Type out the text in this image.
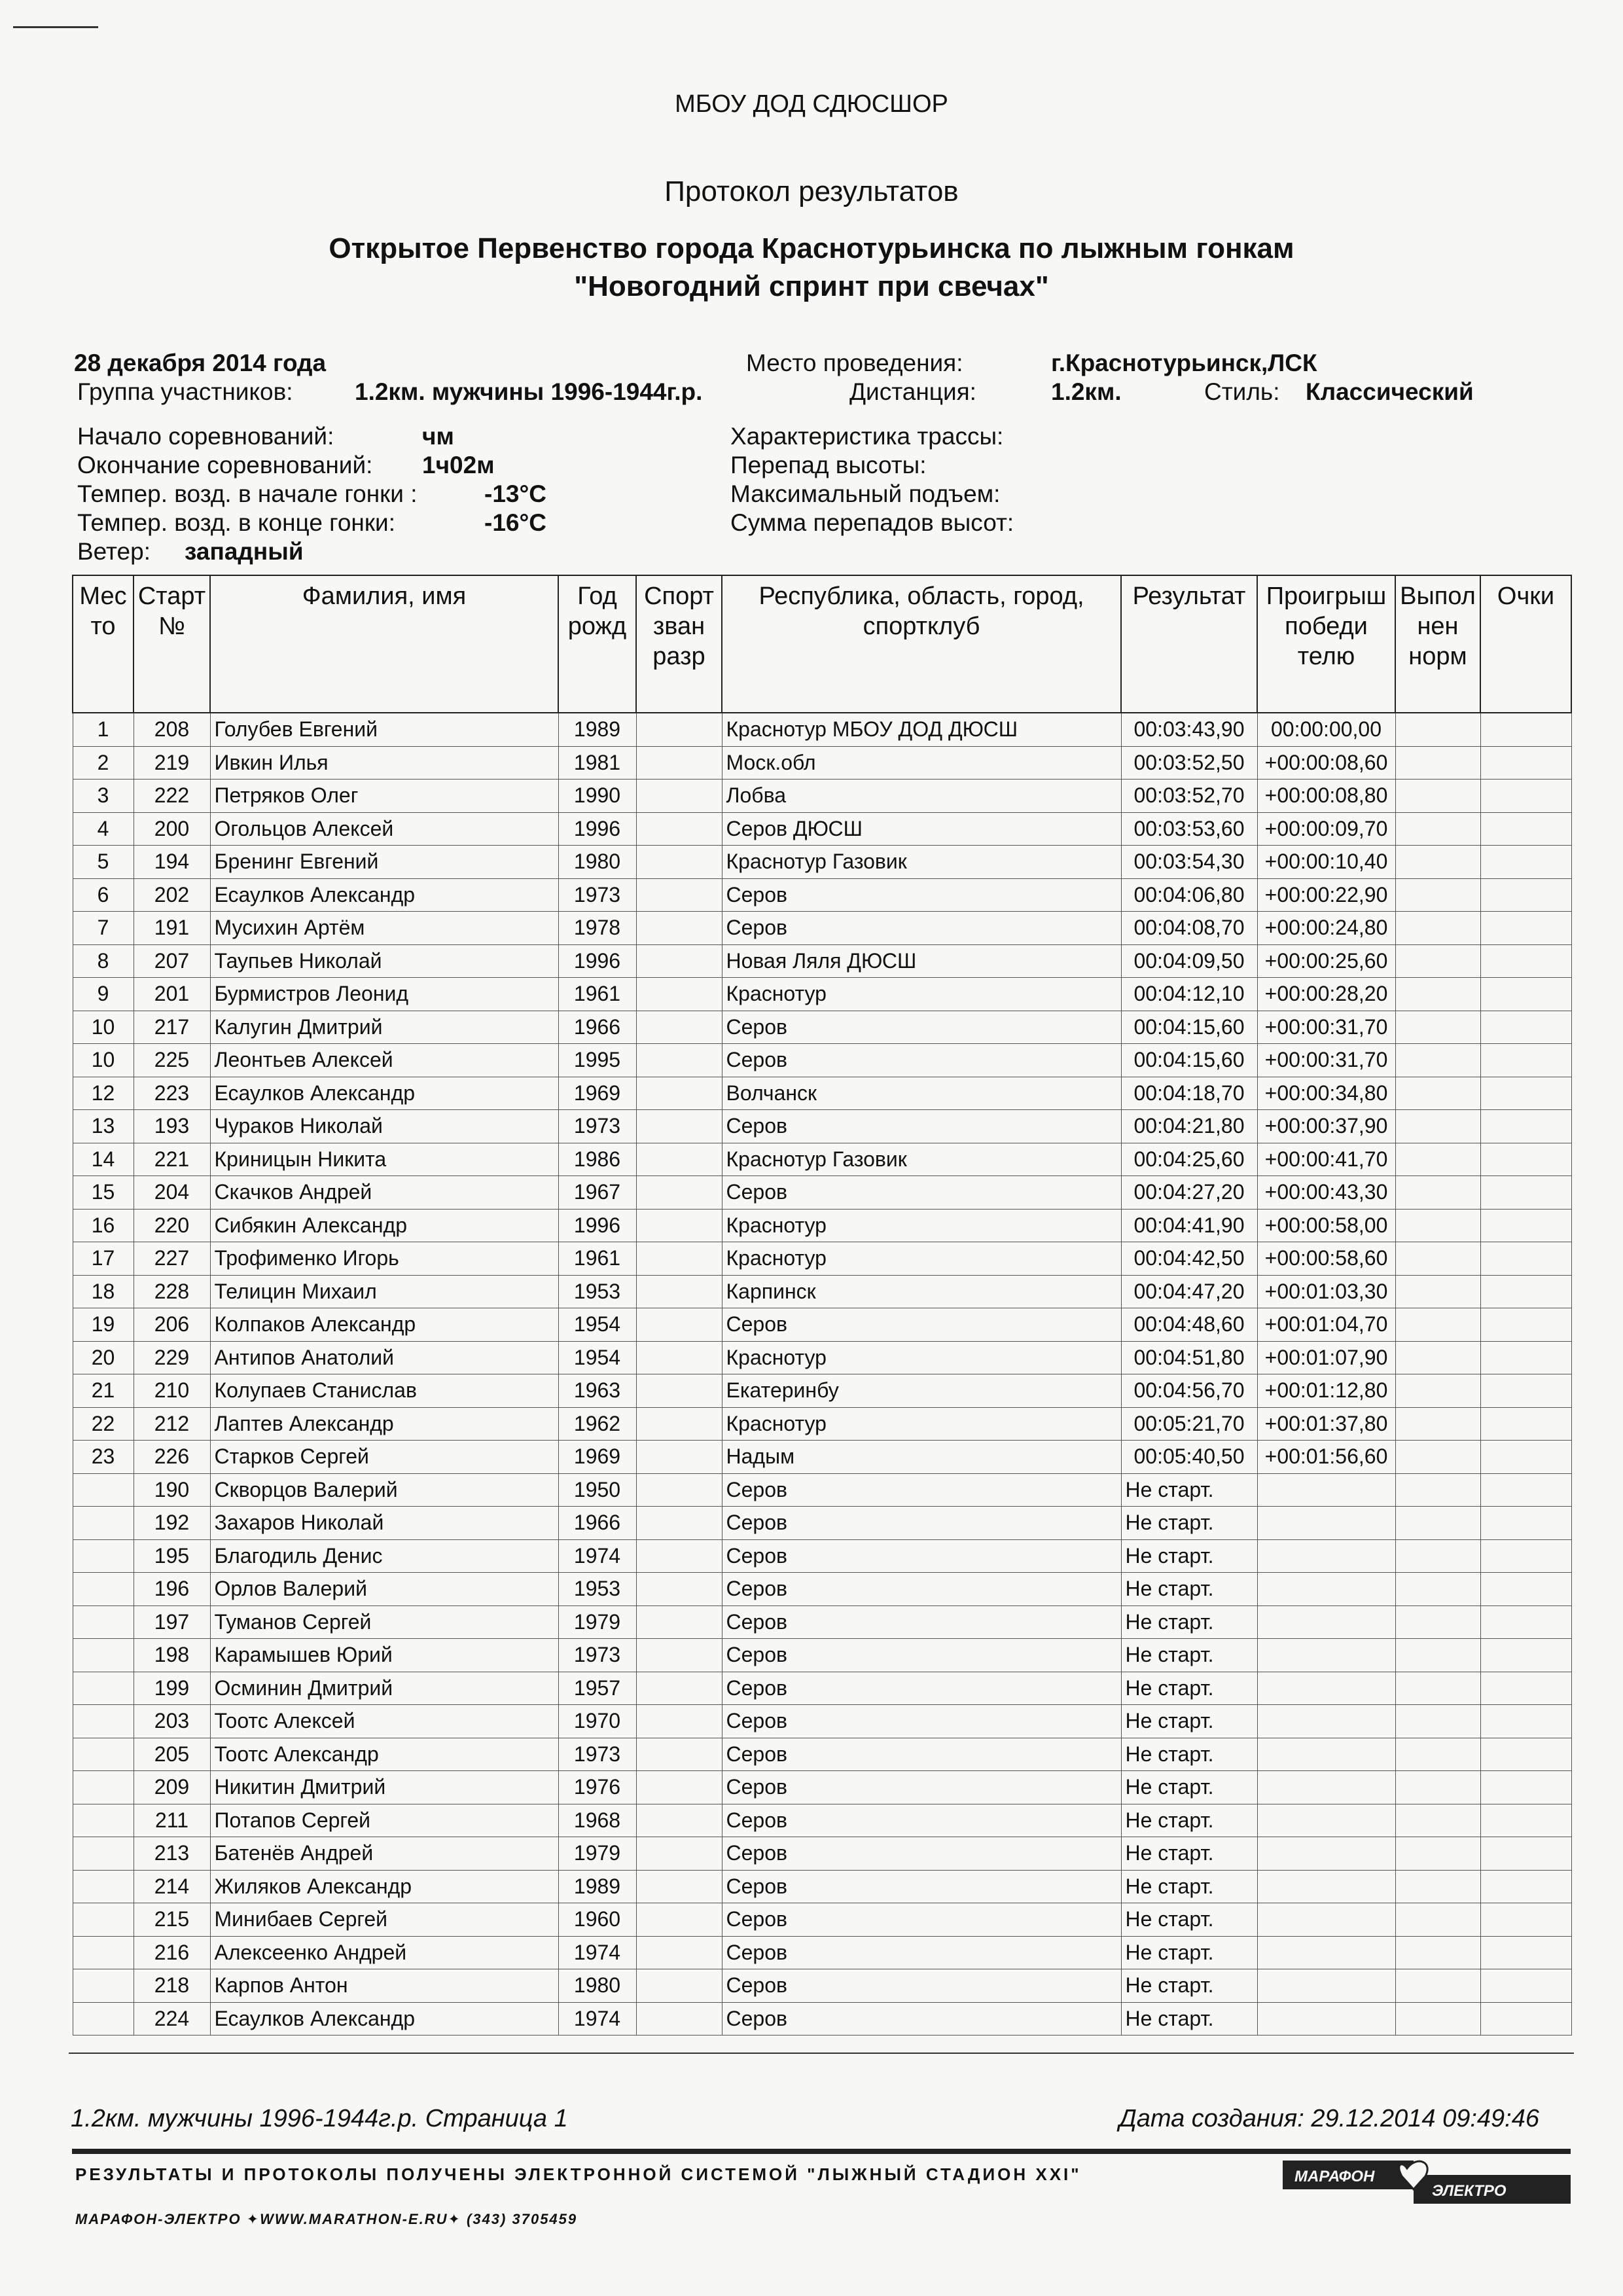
МБОУ ДОД СДЮСШОР
Протокол результатов
Открытое Первенство города Краснотурьинска по лыжным гонкам
"Новогодний спринт при свечах"
28 декабря 2014 года	Место проведения:	г.Краснотурьинск,ЛСК
Группа участников:	1.2км. мужчины 1996-1944г.р.	Дистанция:	1.2км.	Стиль: Классический
Начало соревнований:	чм
Окончание соревнований: 1ч02м
Темпер. возд. в начале гонки :	-13°C
Темпер. возд. в конце гонки:	-16°C
Ветер: западный
Характеристика трассы:
Перепад высоты:
Максимальный подъем:
Сумма перепадов высот:
Мес то	Старт №	Фамилия, имя	Год рожд	Спорт зван разр	Республика, область, город, спортклуб	Результат	Проигрыш победи телю	Выпол нен норм	Очки
1	208	Голубев Евгений	1989		Краснотур МБОУ ДОД ДЮСШ	00:03:43,90	00:00:00,00		
2	219	Ивкин Илья	1981		Моск.обл	00:03:52,50	+00:00:08,60		
3	222	Петряков Олег	1990		Лобва	00:03:52,70	+00:00:08,80		
4	200	Огольцов Алексей	1996		Серов ДЮСШ	00:03:53,60	+00:00:09,70		
5	194	Бренинг Евгений	1980		Краснотур Газовик	00:03:54,30	+00:00:10,40		
6	202	Есаулков Александр	1973		Серов	00:04:06,80	+00:00:22,90		
7	191	Мусихин Артём	1978		Серов	00:04:08,70	+00:00:24,80		
8	207	Таупьев Николай	1996		Новая Ляля ДЮСШ	00:04:09,50	+00:00:25,60		
9	201	Бурмистров Леонид	1961		Краснотур	00:04:12,10	+00:00:28,20		
10	217	Калугин Дмитрий	1966		Серов	00:04:15,60	+00:00:31,70		
10	225	Леонтьев Алексей	1995		Серов	00:04:15,60	+00:00:31,70		
12	223	Есаулков Александр	1969		Волчанск	00:04:18,70	+00:00:34,80		
13	193	Чураков Николай	1973		Серов	00:04:21,80	+00:00:37,90		
14	221	Криницын Никита	1986		Краснотур Газовик	00:04:25,60	+00:00:41,70		
15	204	Скачков Андрей	1967		Серов	00:04:27,20	+00:00:43,30		
16	220	Сибякин Александр	1996		Краснотур	00:04:41,90	+00:00:58,00		
17	227	Трофименко Игорь	1961		Краснотур	00:04:42,50	+00:00:58,60		
18	228	Телицин Михаил	1953		Карпинск	00:04:47,20	+00:01:03,30		
19	206	Колпаков Александр	1954		Серов	00:04:48,60	+00:01:04,70		
20	229	Антипов Анатолий	1954		Краснотур	00:04:51,80	+00:01:07,90		
21	210	Колупаев Станислав	1963		Екатеринбу	00:04:56,70	+00:01:12,80		
22	212	Лаптев Александр	1962		Краснотур	00:05:21,70	+00:01:37,80		
23	226	Старков Сергей	1969		Надым	00:05:40,50	+00:01:56,60		
	190	Скворцов Валерий	1950		Серов	Не старт.			
	192	Захаров Николай	1966		Серов	Не старт.			
	195	Благодиль Денис	1974		Серов	Не старт.			
	196	Орлов Валерий	1953		Серов	Не старт.			
	197	Туманов Сергей	1979		Серов	Не старт.			
	198	Карамышев Юрий	1973		Серов	Не старт.			
	199	Осминин Дмитрий	1957		Серов	Не старт.			
	203	Тоотс Алексей	1970		Серов	Не старт.			
	205	Тоотс Александр	1973		Серов	Не старт.			
	209	Никитин Дмитрий	1976		Серов	Не старт.			
	211	Потапов Сергей	1968		Серов	Не старт.			
	213	Батенёв Андрей	1979		Серов	Не старт.			
	214	Жиляков Александр	1989		Серов	Не старт.			
	215	Минибаев Сергей	1960		Серов	Не старт.			
	216	Алексеенко Андрей	1974		Серов	Не старт.			
	218	Карпов Антон	1980		Серов	Не старт.			
	224	Есаулков Александр	1974		Серов	Не старт.			
1.2км. мужчины 1996-1944г.р. Страница 1	Дата создания: 29.12.2014 09:49:46
РЕЗУЛЬТАТЫ И ПРОТОКОЛЫ ПОЛУЧЕНЫ ЭЛЕКТРОННОЙ СИСТЕМОЙ "ЛЫЖНЫЙ СТАДИОН XXI"
МАРАФОН-ЭЛЕКТРО ✦WWW.MARATHON-E.RU✦ (343) 3705459
МАРАФОН
ЭЛЕКТРО
